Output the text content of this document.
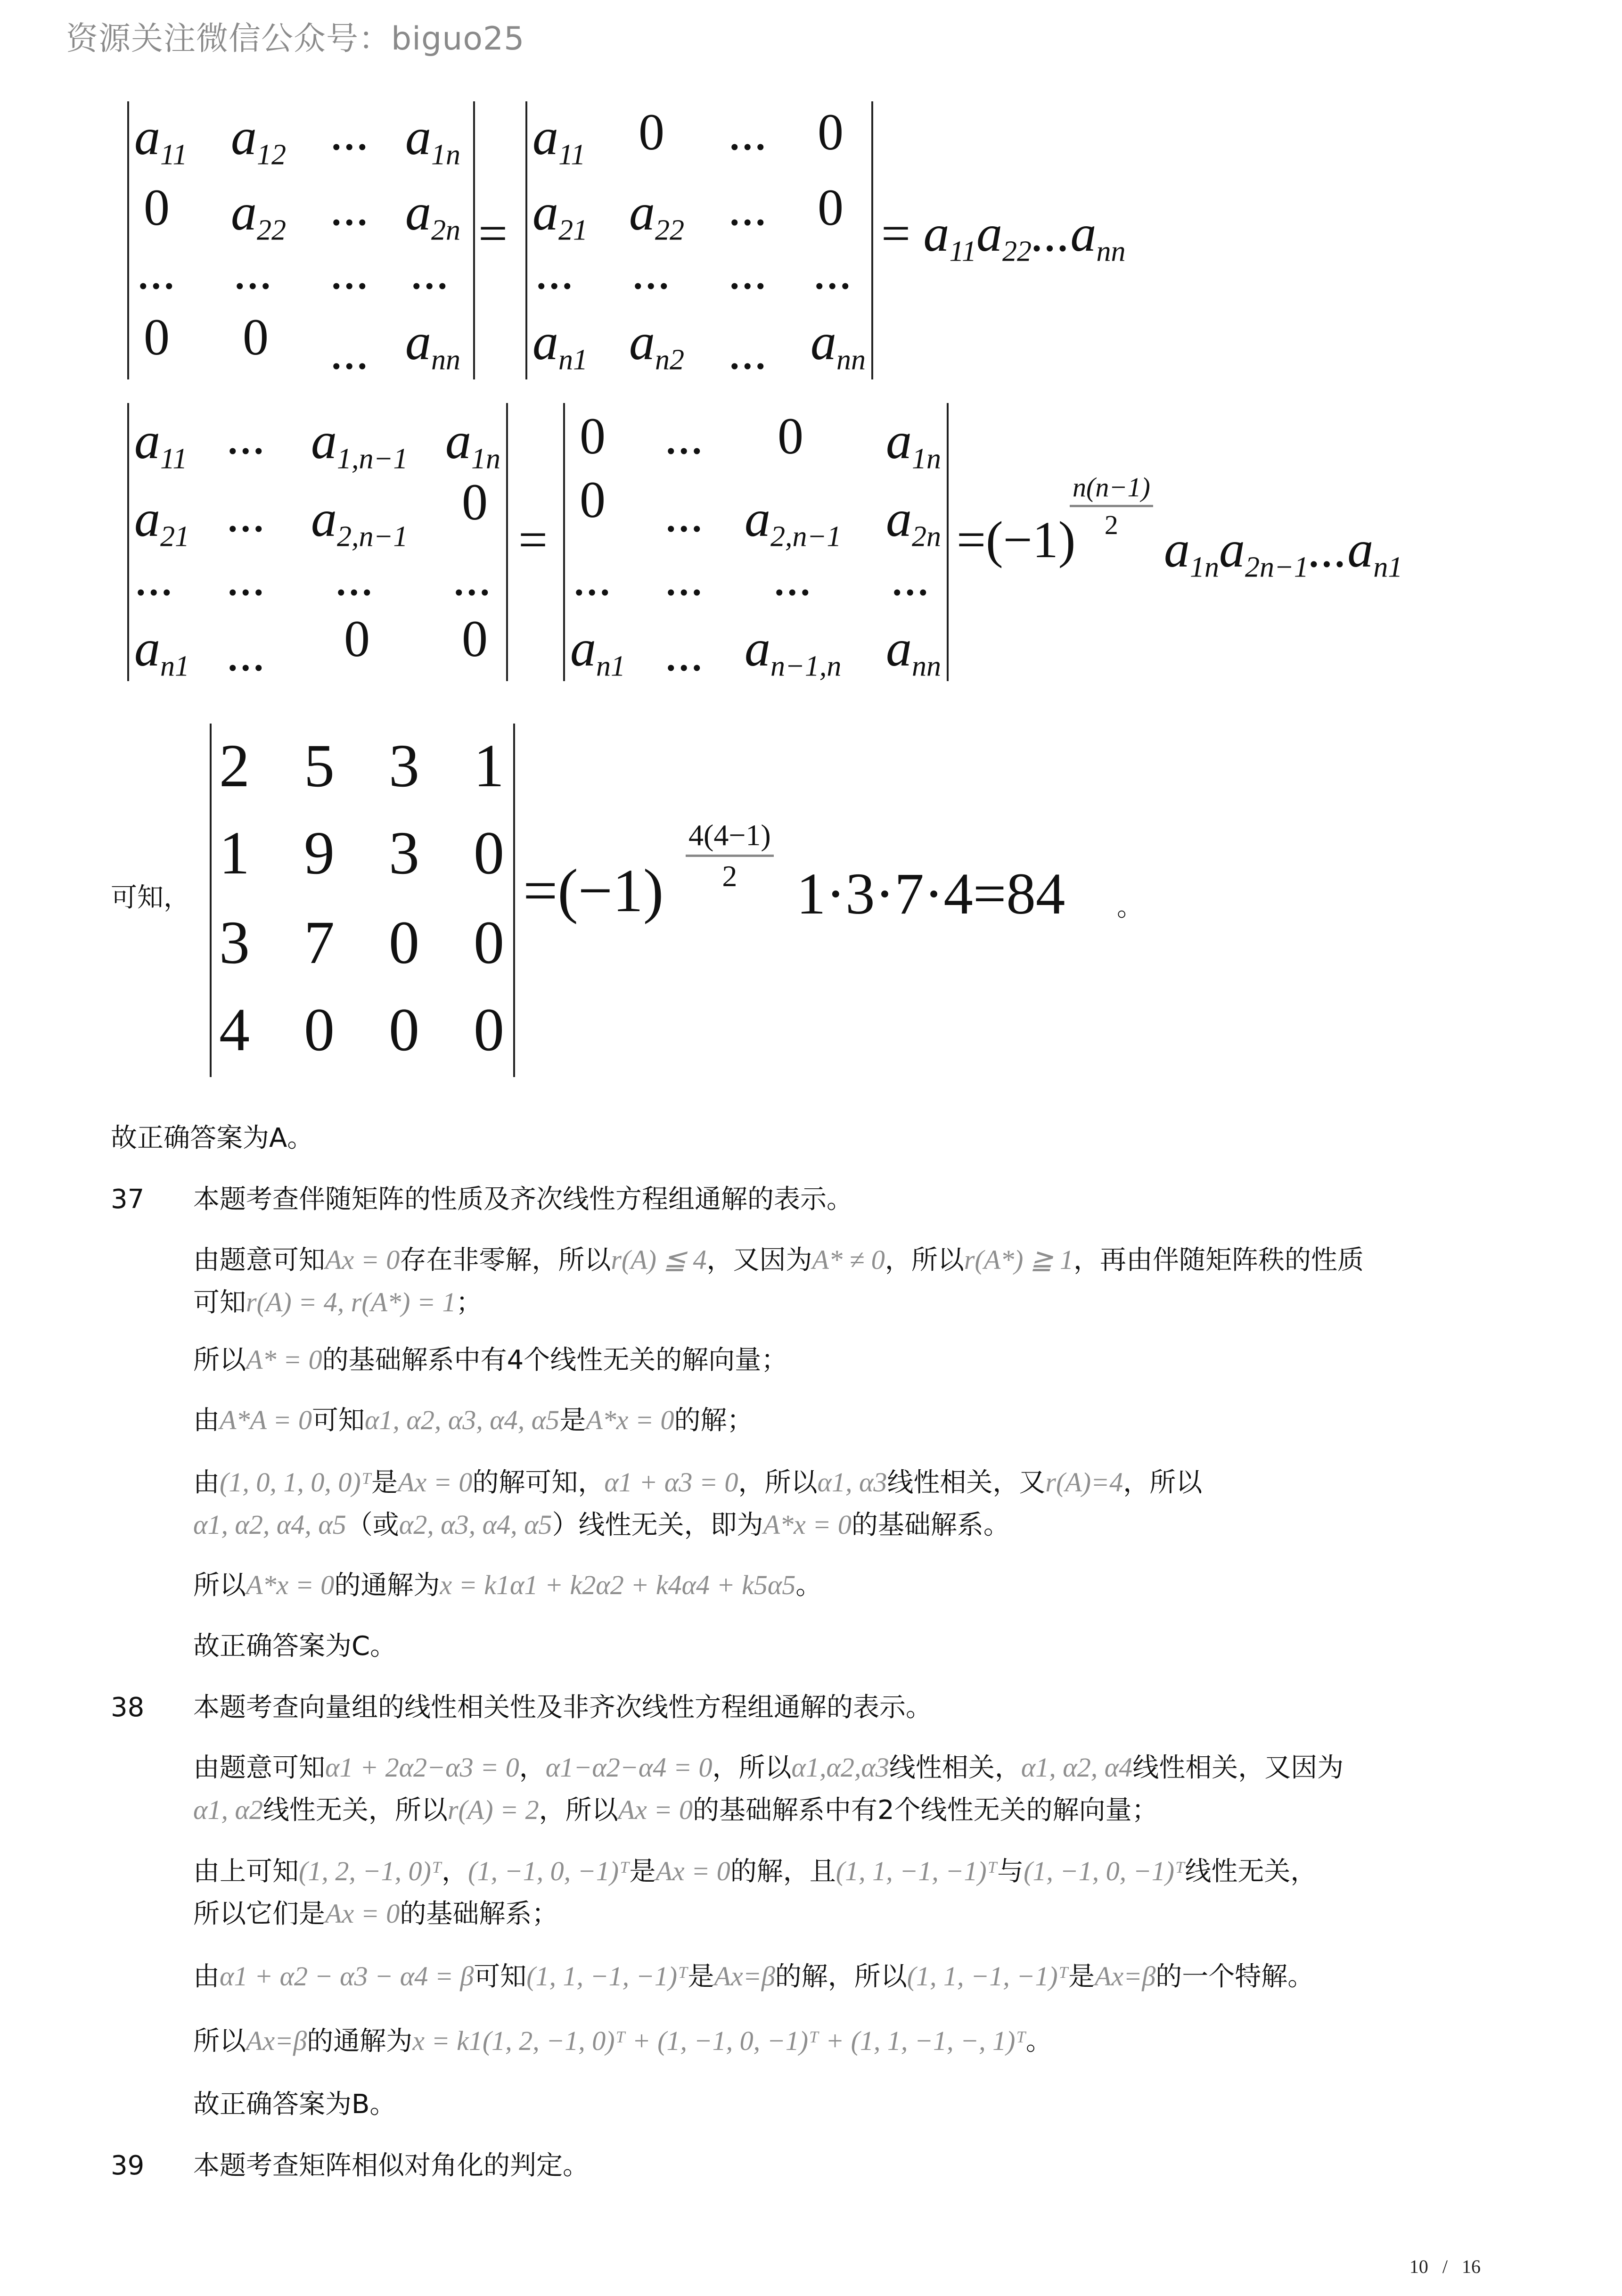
资源关注微信公众号：biguo25
$a_{11}$ $a_{12}$ ... $a_{1n}$
0 $a_{22}$ ... $a_{2n}$
... ... ... ...
0 0 ... $a_{nn}$
=
$a_{11}$ 0 ... 0
$a_{21}$ $a_{22}$ ... 0
... ... ... ...
$a_{n1}$ $a_{n2}$ ... $a_{nn}$
= $a_{11}a_{22}...a_{nn}$
$a_{11}$ ... $a_{1,n-1}$ $a_{1n}$
$a_{21}$ ... $a_{2,n-1}$
0
... ... ... ...
$a_{n1}$ ... 0 0
=
0 ... 0 $a_{1n}$
0 ... $a_{2,n-1}$ $a_{2n}$
... ... ... ...
$a_{n1}$ ... $a_{n-1,n}$ $a_{nn}$
=(−1)
$\frac{n(n-1)}{2}$
$a_{1n}a_{2n-1}...a_{n1}$
可知，
2 5 3 1
1 9 3 0
3 7 0 0
4 0 0 0
$=(-1) \frac{4(4-1)}{2}$
1·3·7·4=84 。
故正确答案为A。
37 本题考查伴随矩阵的性质及齐次线性方程组通解的表示。
由题意可知Ax = 0存在非零解，所以r(A) ≦ 4，又因为A* ≠ 0，所以r(A*) ≧ 1，再由伴随矩阵秩的性质
可知r(A) = 4, r(A*) = 1；
所以A* = 0的基础解系中有4个线性无关的解向量；
由A*A = 0可知α1, α2, α3, α4, α5是A*x = 0的解；
由(1, 0, 1, 0, 0)ᵀ是Ax = 0的解可知，α1 + α3 = 0，所以α1, α3线性相关，又r(A)=4，所以
α1, α2, α4, α5（或α2, α3, α4, α5）线性无关，即为A*x = 0的基础解系。
所以A*x = 0的通解为x = k1α1 + k2α2 + k4α4 + k5α5。
故正确答案为C。
38 本题考查向量组的线性相关性及非齐次线性方程组通解的表示。
由题意可知α1 + 2α2−α3 = 0，α1−α2−α4 = 0，所以α1,α2,α3线性相关，α1, α2, α4线性相关，又因为
α1, α2线性无关，所以r(A) = 2，所以Ax = 0的基础解系中有2个线性无关的解向量；
由上可知(1, 2, −1, 0)ᵀ，(1, −1, 0, −1)ᵀ是Ax = 0的解，且(1, 1, −1, −1)ᵀ与(1, −1, 0, −1)ᵀ线性无关，
所以它们是Ax = 0的基础解系；
由α1 + α2 − α3 − α4 = β可知(1, 1, −1, −1)ᵀ是Ax=β的解，所以(1, 1, −1, −1)ᵀ是Ax=β的一个特解。
所以Ax=β的通解为x = k1(1, 2, −1, 0)ᵀ + (1, −1, 0, −1)ᵀ + (1, 1, −1, −, 1)ᵀ。
故正确答案为B。
39 本题考查矩阵相似对角化的判定。
10 / 16
